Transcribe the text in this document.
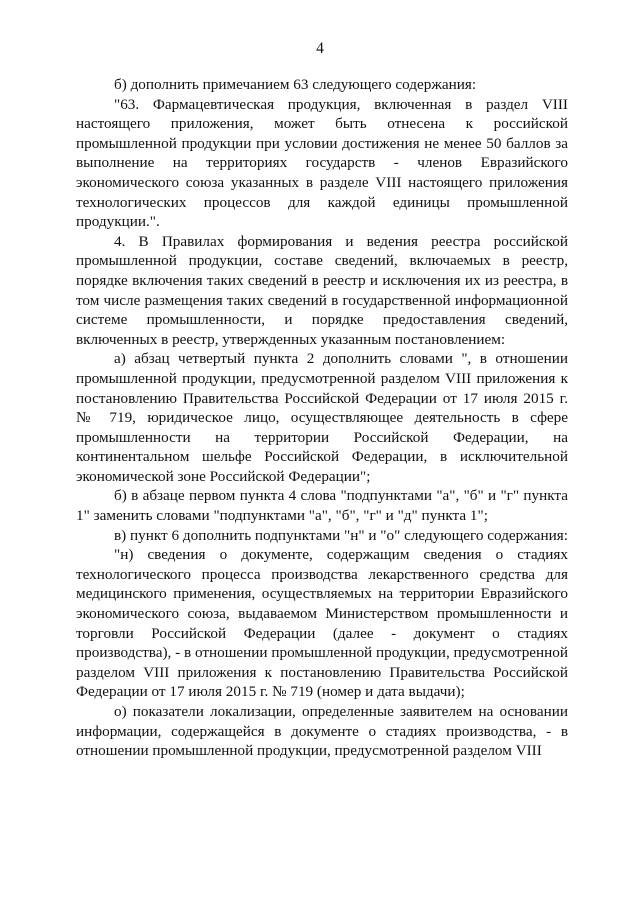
4

б) дополнить примечанием 63 следующего содержания:

"63. Фармацевтическая продукция, включенная в раздел VIII настоящего приложения, может быть отнесена к российской промышленной продукции при условии достижения не менее 50 баллов за выполнение на территориях государств - членов Евразийского экономического союза указанных в разделе VIII настоящего приложения технологических процессов для каждой единицы промышленной продукции.".

4. В Правилах формирования и ведения реестра российской промышленной продукции, составе сведений, включаемых в реестр, порядке включения таких сведений в реестр и исключения их из реестра, в том числе размещения таких сведений в государственной информационной системе промышленности, и порядке предоставления сведений, включенных в реестр, утвержденных указанным постановлением:

а) абзац четвертый пункта 2 дополнить словами ", в отношении промышленной продукции, предусмотренной разделом VIII приложения к постановлению Правительства Российской Федерации от 17 июля 2015 г. № 719, юридическое лицо, осуществляющее деятельность в сфере промышленности на территории Российской Федерации, на континентальном шельфе Российской Федерации, в исключительной экономической зоне Российской Федерации";

б) в абзаце первом пункта 4 слова "подпунктами "а", "б" и "г" пункта 1" заменить словами "подпунктами "а", "б", "г" и "д" пункта 1";

в) пункт 6 дополнить подпунктами "н" и "о" следующего содержания:

"н) сведения о документе, содержащим сведения о стадиях технологического процесса производства лекарственного средства для медицинского применения, осуществляемых на территории Евразийского экономического союза, выдаваемом Министерством промышленности и торговли Российской Федерации (далее - документ о стадиях производства), - в отношении промышленной продукции, предусмотренной разделом VIII приложения к постановлению Правительства Российской Федерации от 17 июля 2015 г. № 719 (номер и дата выдачи);

о) показатели локализации, определенные заявителем на основании информации, содержащейся в документе о стадиях производства, - в отношении промышленной продукции, предусмотренной разделом VIII
